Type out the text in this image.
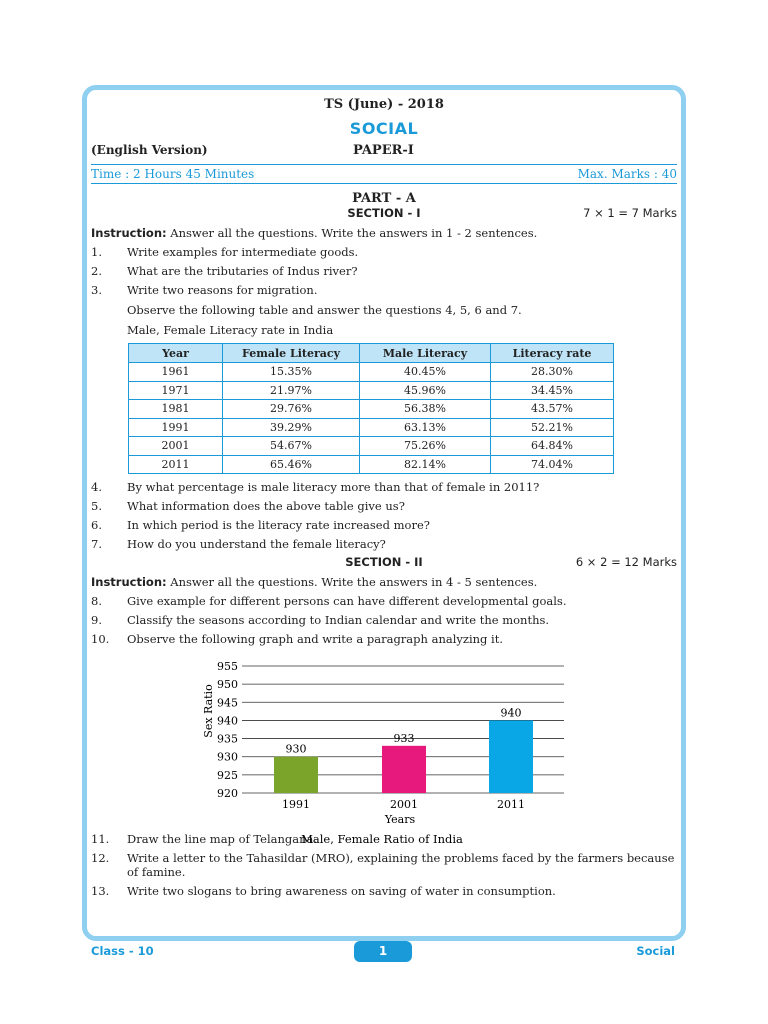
TS (June) - 2018
SOCIAL
(English Version)	PAPER-I
Time : 2 Hours 45 Minutes	Max. Marks : 40
PART - A
SECTION - I	7 × 1 = 7 Marks
Instruction: Answer all the questions. Write the answers in 1 - 2 sentences.
1. Write examples for intermediate goods.
2. What are the tributaries of Indus river?
3. Write two reasons for migration.
Observe the following table and answer the questions 4, 5, 6 and 7.
Male, Female Literacy rate in India
Year	Female Literacy	Male Literacy	Literacy rate
1961	15.35%	40.45%	28.30%
1971	21.97%	45.96%	34.45%
1981	29.76%	56.38%	43.57%
1991	39.29%	63.13%	52.21%
2001	54.67%	75.26%	64.84%
2011	65.46%	82.14%	74.04%
4. By what percentage is male literacy more than that of female in 2011?
5. What information does the above table give us?
6. In which period is the literacy rate increased more?
7. How do you understand the female literacy?
SECTION - II	6 × 2 = 12 Marks
Instruction: Answer all the questions. Write the answers in 4 - 5 sentences.
8. Give example for different persons can have different developmental goals.
9. Classify the seasons according to Indian calendar and write the months.
10. Observe the following graph and write a paragraph analyzing it.
11. Draw the line map of Telangana.
12. Write a letter to the Tahasildar (MRO), explaining the problems faced by the farmers because of famine.
13. Write two slogans to bring awareness on saving of water in consumption.
920
925
930
935
940
945
950
955
930
1991
933
2001
940
2011
Sex Ratio
Years
Male, Female Ratio of India
Class - 10	1	Social
